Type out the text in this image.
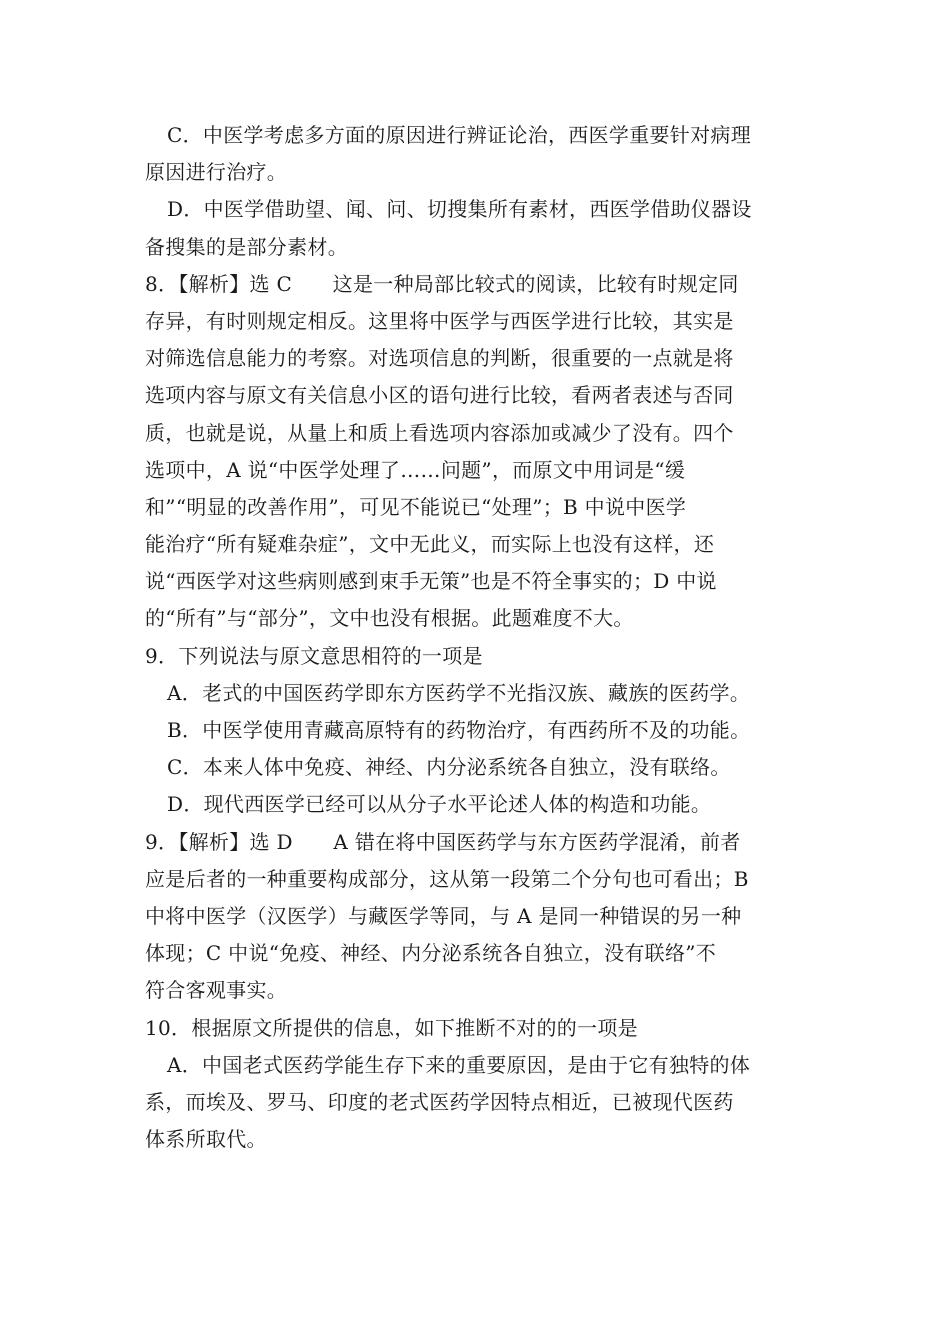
C．中医学考虑多方面的原因进行辨证论治，西医学重要针对病理
原因进行治疗。
D．中医学借助望、闻、问、切搜集所有素材，西医学借助仪器设
备搜集的是部分素材。
8．【解析】选 C　　这是一种局部比较式的阅读，比较有时规定同
存异，有时则规定相反。这里将中医学与西医学进行比较，其实是
对筛选信息能力的考察。对选项信息的判断，很重要的一点就是将
选项内容与原文有关信息小区的语句进行比较，看两者表述与否同
质，也就是说，从量上和质上看选项内容添加或减少了没有。四个
选项中，A 说“中医学处理了……问题”，而原文中用词是“缓
和”“明显的改善作用”，可见不能说已“处理”；B 中说中医学
能治疗“所有疑难杂症”，文中无此义，而实际上也没有这样，还
说“西医学对这些病则感到束手无策”也是不符全事实的；D 中说
的“所有”与“部分”，文中也没有根据。此题难度不大。
9．下列说法与原文意思相符的一项是
A．老式的中国医药学即东方医药学不光指汉族、藏族的医药学。
B．中医学使用青藏高原特有的药物治疗，有西药所不及的功能。
C．本来人体中免疫、神经、内分泌系统各自独立，没有联络。
D．现代西医学已经可以从分子水平论述人体的构造和功能。
9．【解析】选 D　　A 错在将中国医药学与东方医药学混淆，前者
应是后者的一种重要构成部分，这从第一段第二个分句也可看出；B
中将中医学（汉医学）与藏医学等同，与 A 是同一种错误的另一种
体现；C 中说“免疫、神经、内分泌系统各自独立，没有联络”不
符合客观事实。
10．根据原文所提供的信息，如下推断不对的的一项是
A．中国老式医药学能生存下来的重要原因，是由于它有独特的体
系，而埃及、罗马、印度的老式医药学因特点相近，已被现代医药
体系所取代。
